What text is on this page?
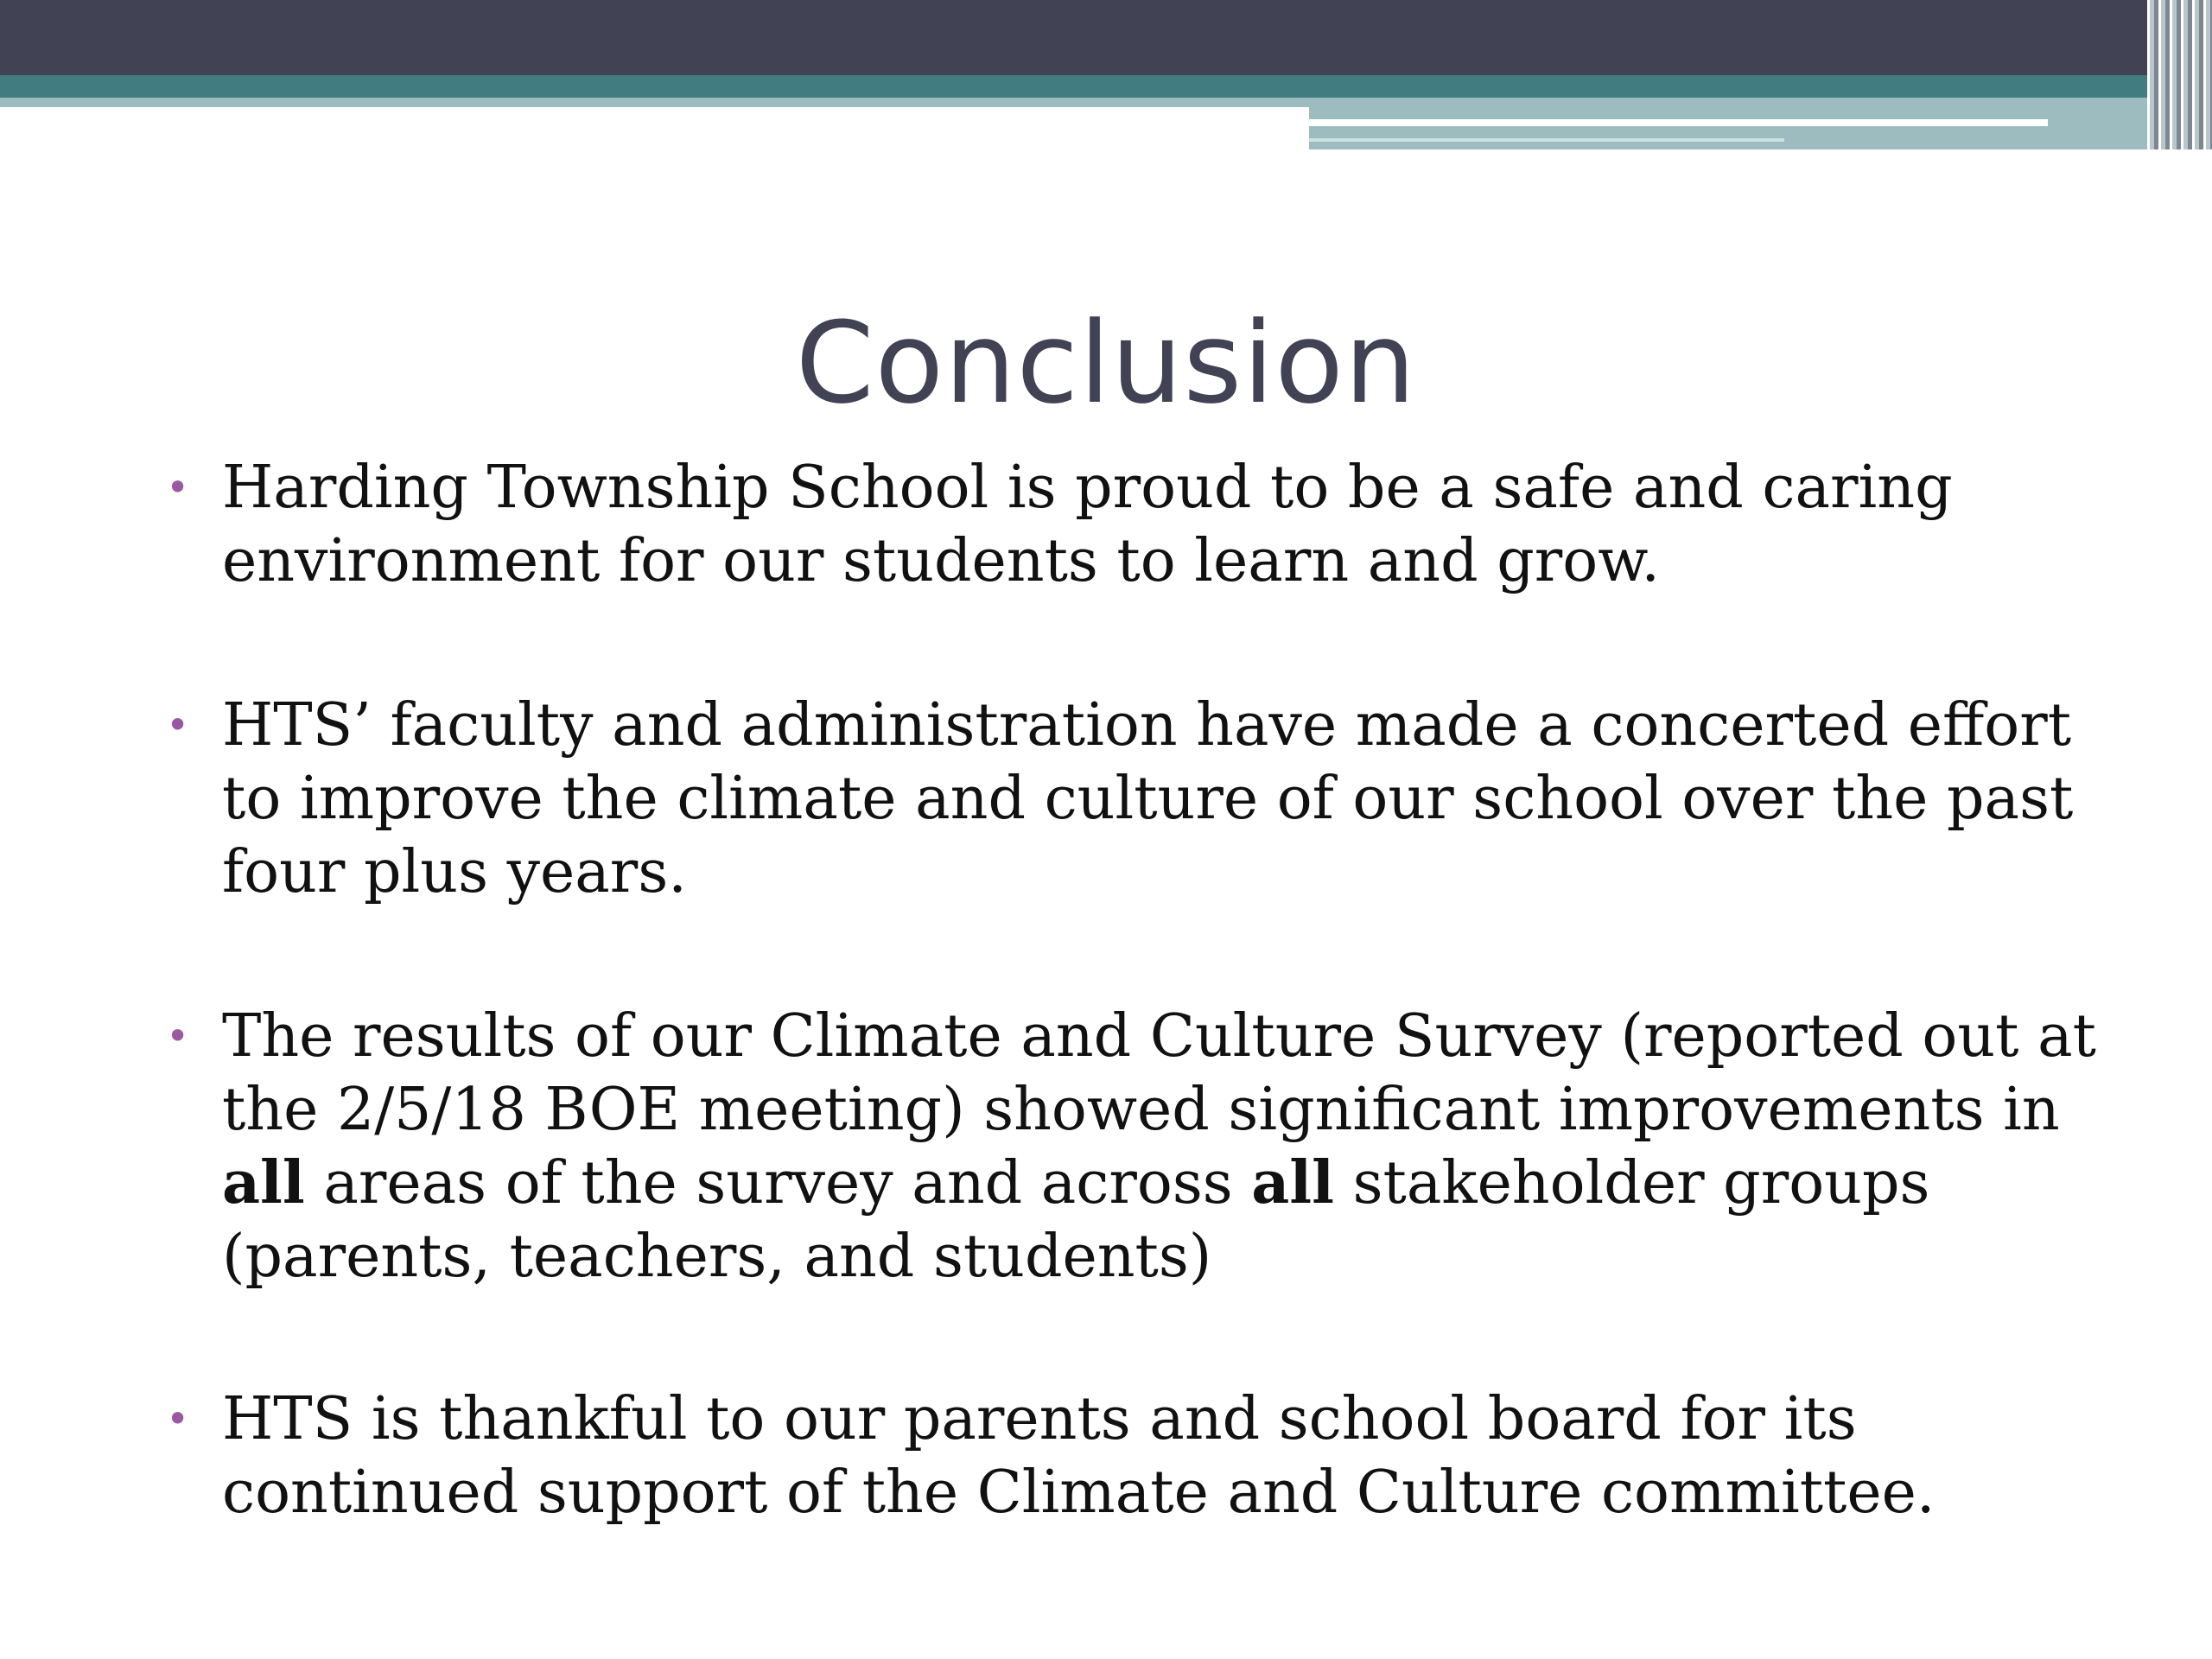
Conclusion
• Harding Township School is proud to be a safe and caring environment for our students to learn and grow.
• HTS’ faculty and administration have made a concerted effort to improve the climate and culture of our school over the past four plus years.
• The results of our Climate and Culture Survey (reported out at the 2/5/18 BOE meeting) showed significant improvements in all areas of the survey and across all stakeholder groups (parents, teachers, and students)
• HTS is thankful to our parents and school board for its continued support of the Climate and Culture committee.
